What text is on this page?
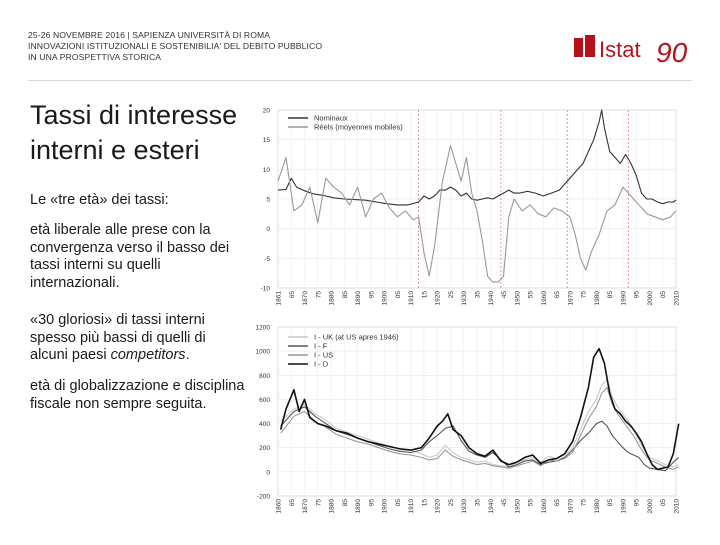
25-26 NOVEMBRE 2016 | SAPIENZA UNIVERSITÀ DI ROMA
INNOVAZIONI ISTITUZIONALI E SOSTENIBILIA' DEL DEBITO PUBBLICO
IN UNA PROSPETTIVA STORICA	Istat 90
Tassi di interesse
interni e esteri
Le «tre età» dei tassi:
età liberale alle prese con la convergenza verso il basso dei tassi interni su quelli internazionali.
«30 gloriosi» di tassi interni spesso più bassi di quelli di alcuni paesi competitors.
età di globalizzazione e disciplina fiscale non sempre seguita.
20
15
10
5
0
-5
-10
1861 65 1870 75 1880 85 1890 95 1900 05 1910 15 1920 25 1930 35 1940 45 1950 55 1960 65 1970 75 1980 85 1990 95 2000 05 2010
Nominaux
Réels (moyennes mobiles)
1200
1000
800
600
400
200
0
-200
1860 65 1870 75 1880 85 1890 95 1900 05 1910 15 1920 25 1930 35 1940 45 1950 55 1960 65 1970 75 1980 85 1990 95 2000 05 2010
I - UK (at US apres 1946)
I - F
I - US
I - D
